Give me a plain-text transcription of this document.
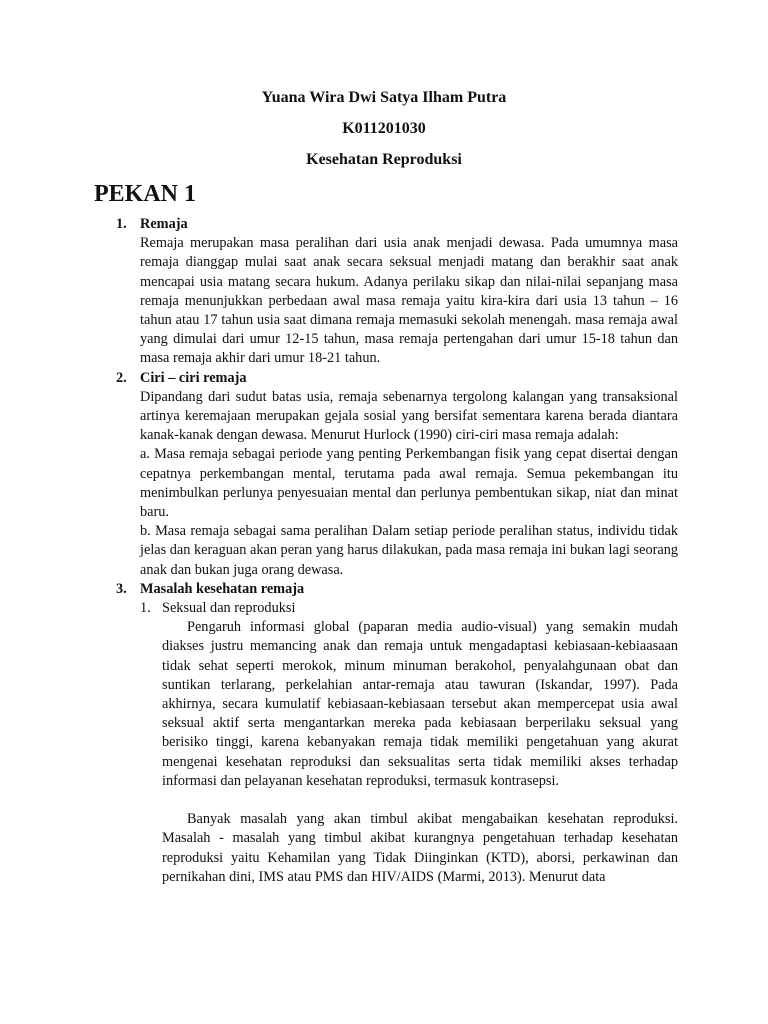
Yuana Wira Dwi Satya Ilham Putra

K011201030

Kesehatan Reproduksi

PEKAN 1

1. Remaja

Remaja merupakan masa peralihan dari usia anak menjadi dewasa. Pada umumnya masa remaja dianggap mulai saat anak secara seksual menjadi matang dan berakhir saat anak mencapai usia matang secara hukum. Adanya perilaku sikap dan nilai-nilai sepanjang masa remaja menunjukkan perbedaan awal masa remaja yaitu kira-kira dari usia 13 tahun – 16 tahun atau 17 tahun usia saat dimana remaja memasuki sekolah menengah. masa remaja awal yang dimulai dari umur 12-15 tahun, masa remaja pertengahan dari umur 15-18 tahun dan masa remaja akhir dari umur 18-21 tahun.

2. Ciri – ciri remaja

Dipandang dari sudut batas usia, remaja sebenarnya tergolong kalangan yang transaksional artinya keremajaan merupakan gejala sosial yang bersifat sementara karena berada diantara kanak-kanak dengan dewasa. Menurut Hurlock (1990) ciri-ciri masa remaja adalah:

a. Masa remaja sebagai periode yang penting Perkembangan fisik yang cepat disertai dengan cepatnya perkembangan mental, terutama pada awal remaja. Semua pekembangan itu menimbulkan perlunya penyesuaian mental dan perlunya pembentukan sikap, niat dan minat baru.

b. Masa remaja sebagai sama peralihan Dalam setiap periode peralihan status, individu tidak jelas dan keraguan akan peran yang harus dilakukan, pada masa remaja ini bukan lagi seorang anak dan bukan juga orang dewasa.

3. Masalah kesehatan remaja

1. Seksual dan reproduksi

Pengaruh informasi global (paparan media audio-visual) yang semakin mudah diakses justru memancing anak dan remaja untuk mengadaptasi kebiasaan-kebiaasaan tidak sehat seperti merokok, minum minuman berakohol, penyalahgunaan obat dan suntikan terlarang, perkelahian antar-remaja atau tawuran (Iskandar, 1997). Pada akhirnya, secara kumulatif kebiasaan-kebiasaan tersebut akan mempercepat usia awal seksual aktif serta mengantarkan mereka pada kebiasaan berperilaku seksual yang berisiko tinggi, karena kebanyakan remaja tidak memiliki pengetahuan yang akurat mengenai kesehatan reproduksi dan seksualitas serta tidak memiliki akses terhadap informasi dan pelayanan kesehatan reproduksi, termasuk kontrasepsi.

Banyak masalah yang akan timbul akibat mengabaikan kesehatan reproduksi. Masalah - masalah yang timbul akibat kurangnya pengetahuan terhadap kesehatan reproduksi yaitu Kehamilan yang Tidak Diinginkan (KTD), aborsi, perkawinan dan pernikahan dini, IMS atau PMS dan HIV/AIDS (Marmi, 2013). Menurut data
